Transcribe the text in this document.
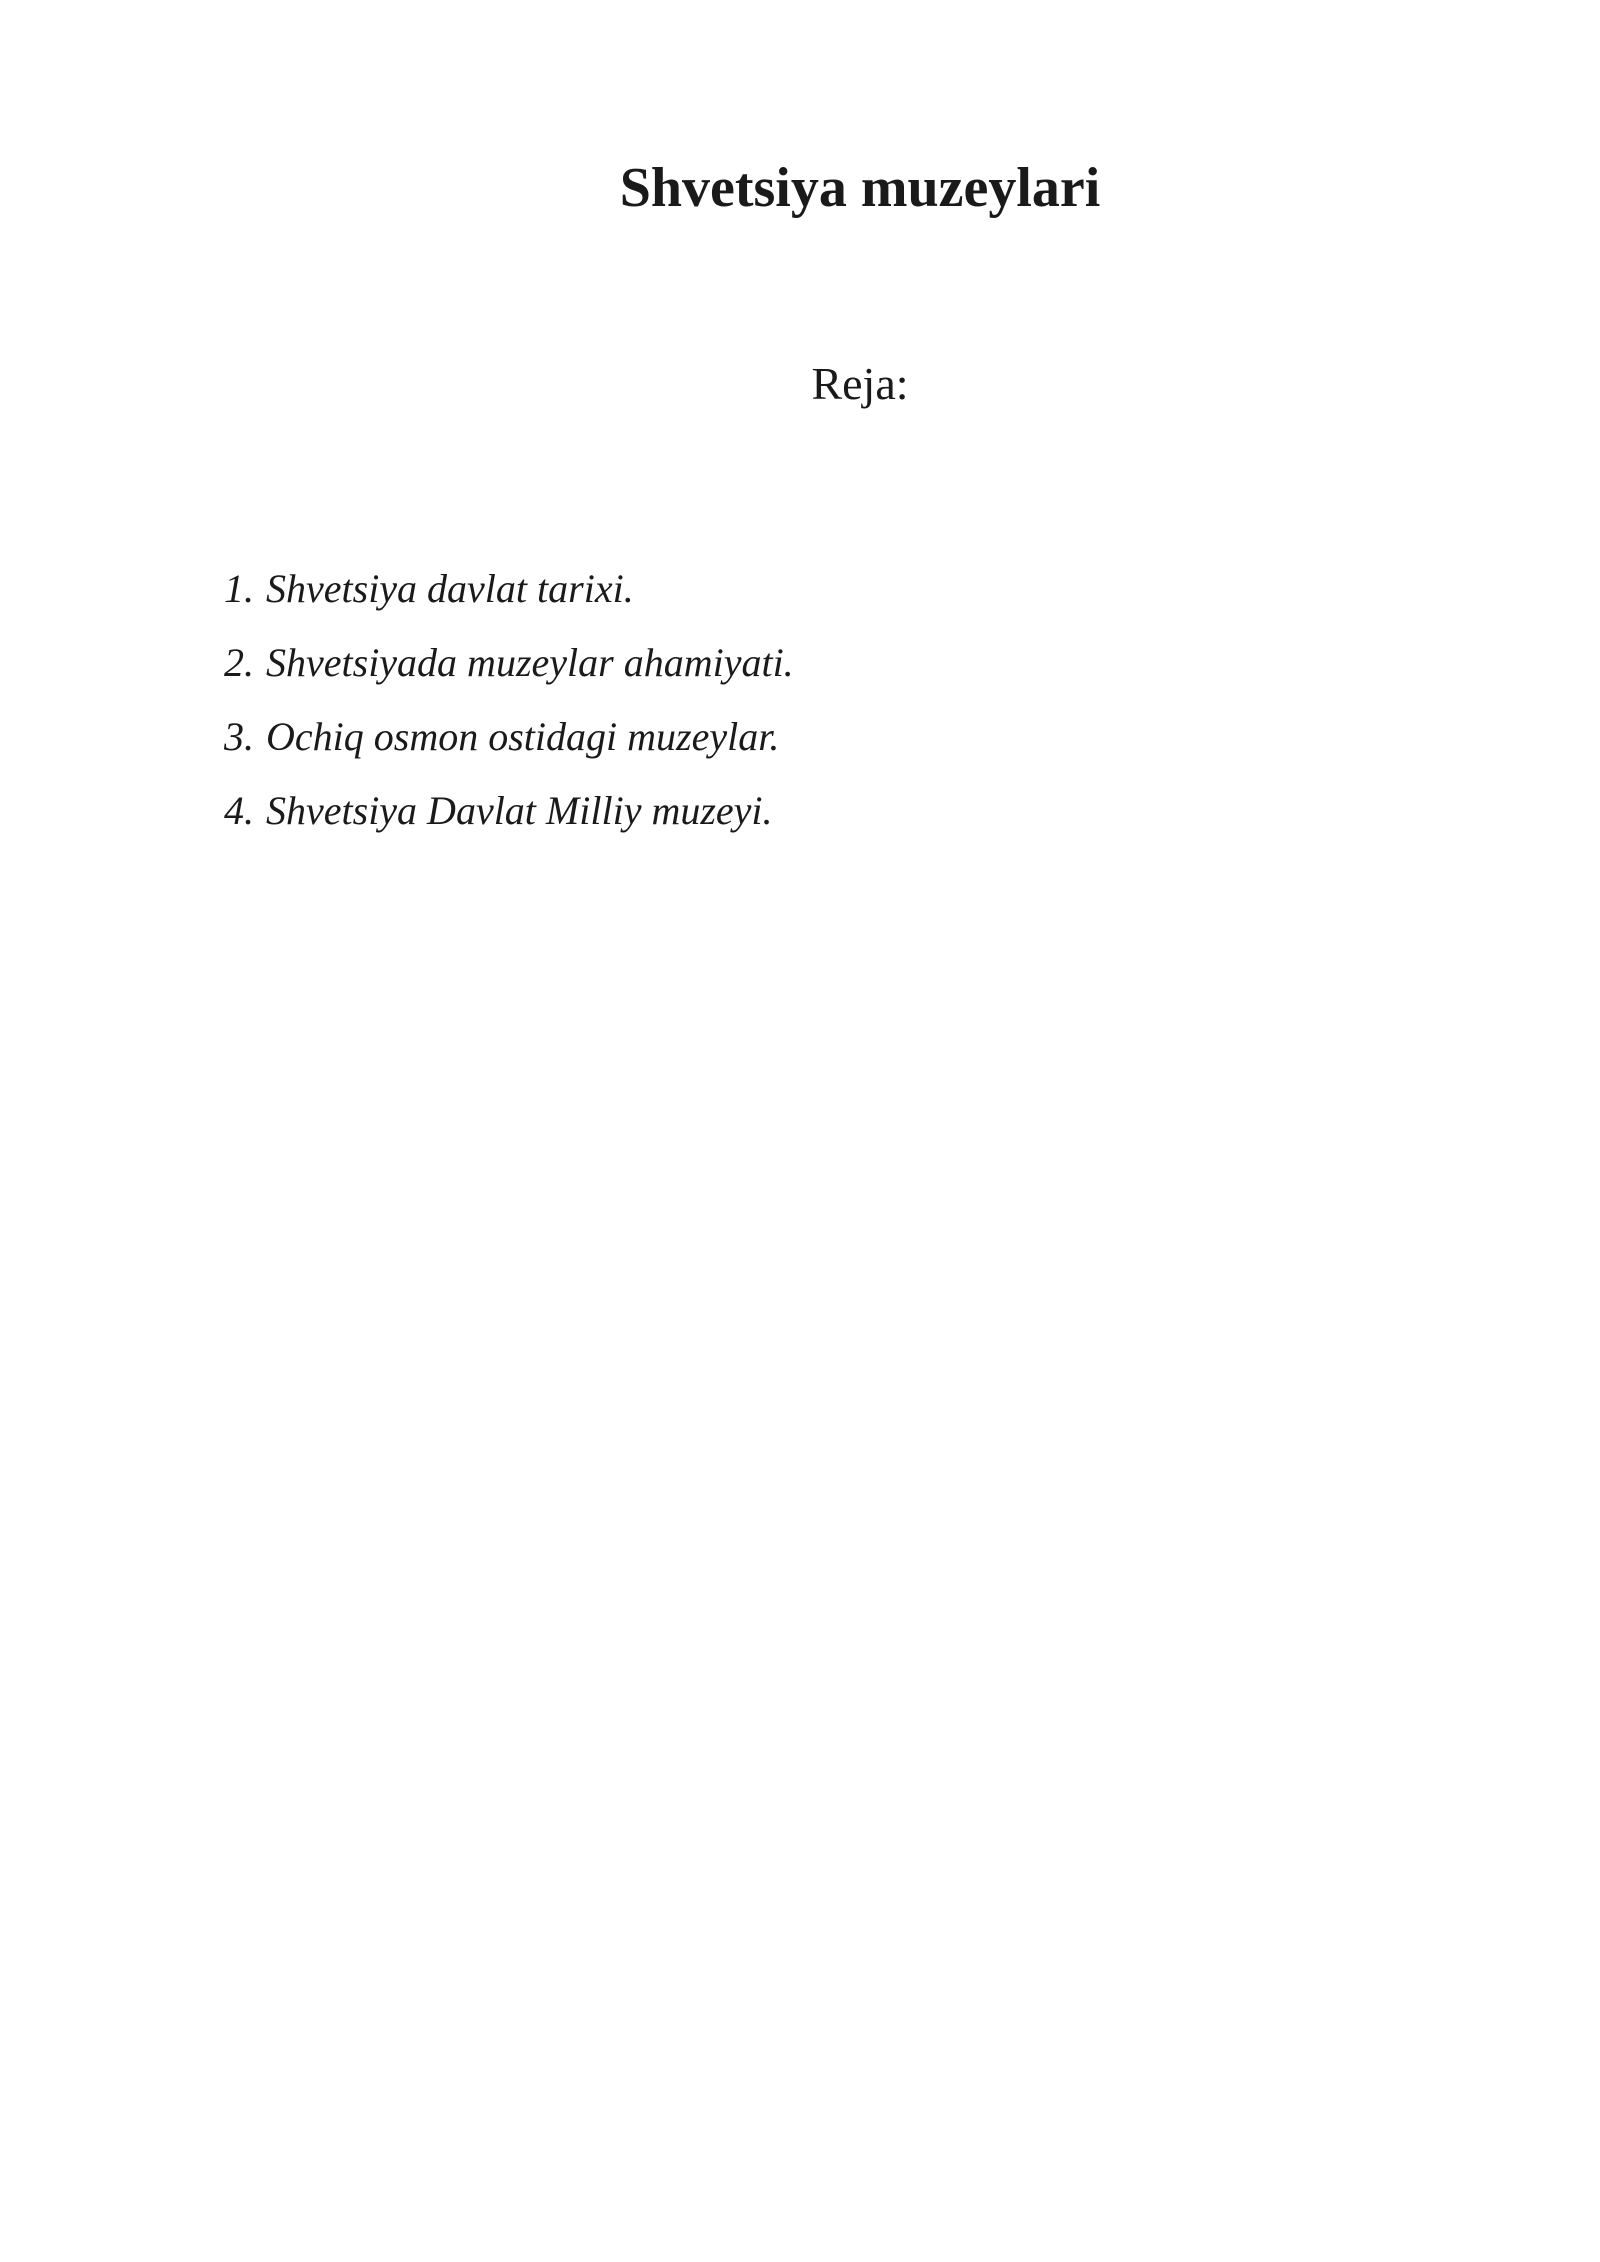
Shvetsiya muzeylari
Reja:
1. Shvetsiya davlat tarixi.
2. Shvetsiyada muzeylar ahamiyati.
3. Ochiq osmon ostidagi muzeylar.
4. Shvetsiya Davlat Milliy muzeyi.
